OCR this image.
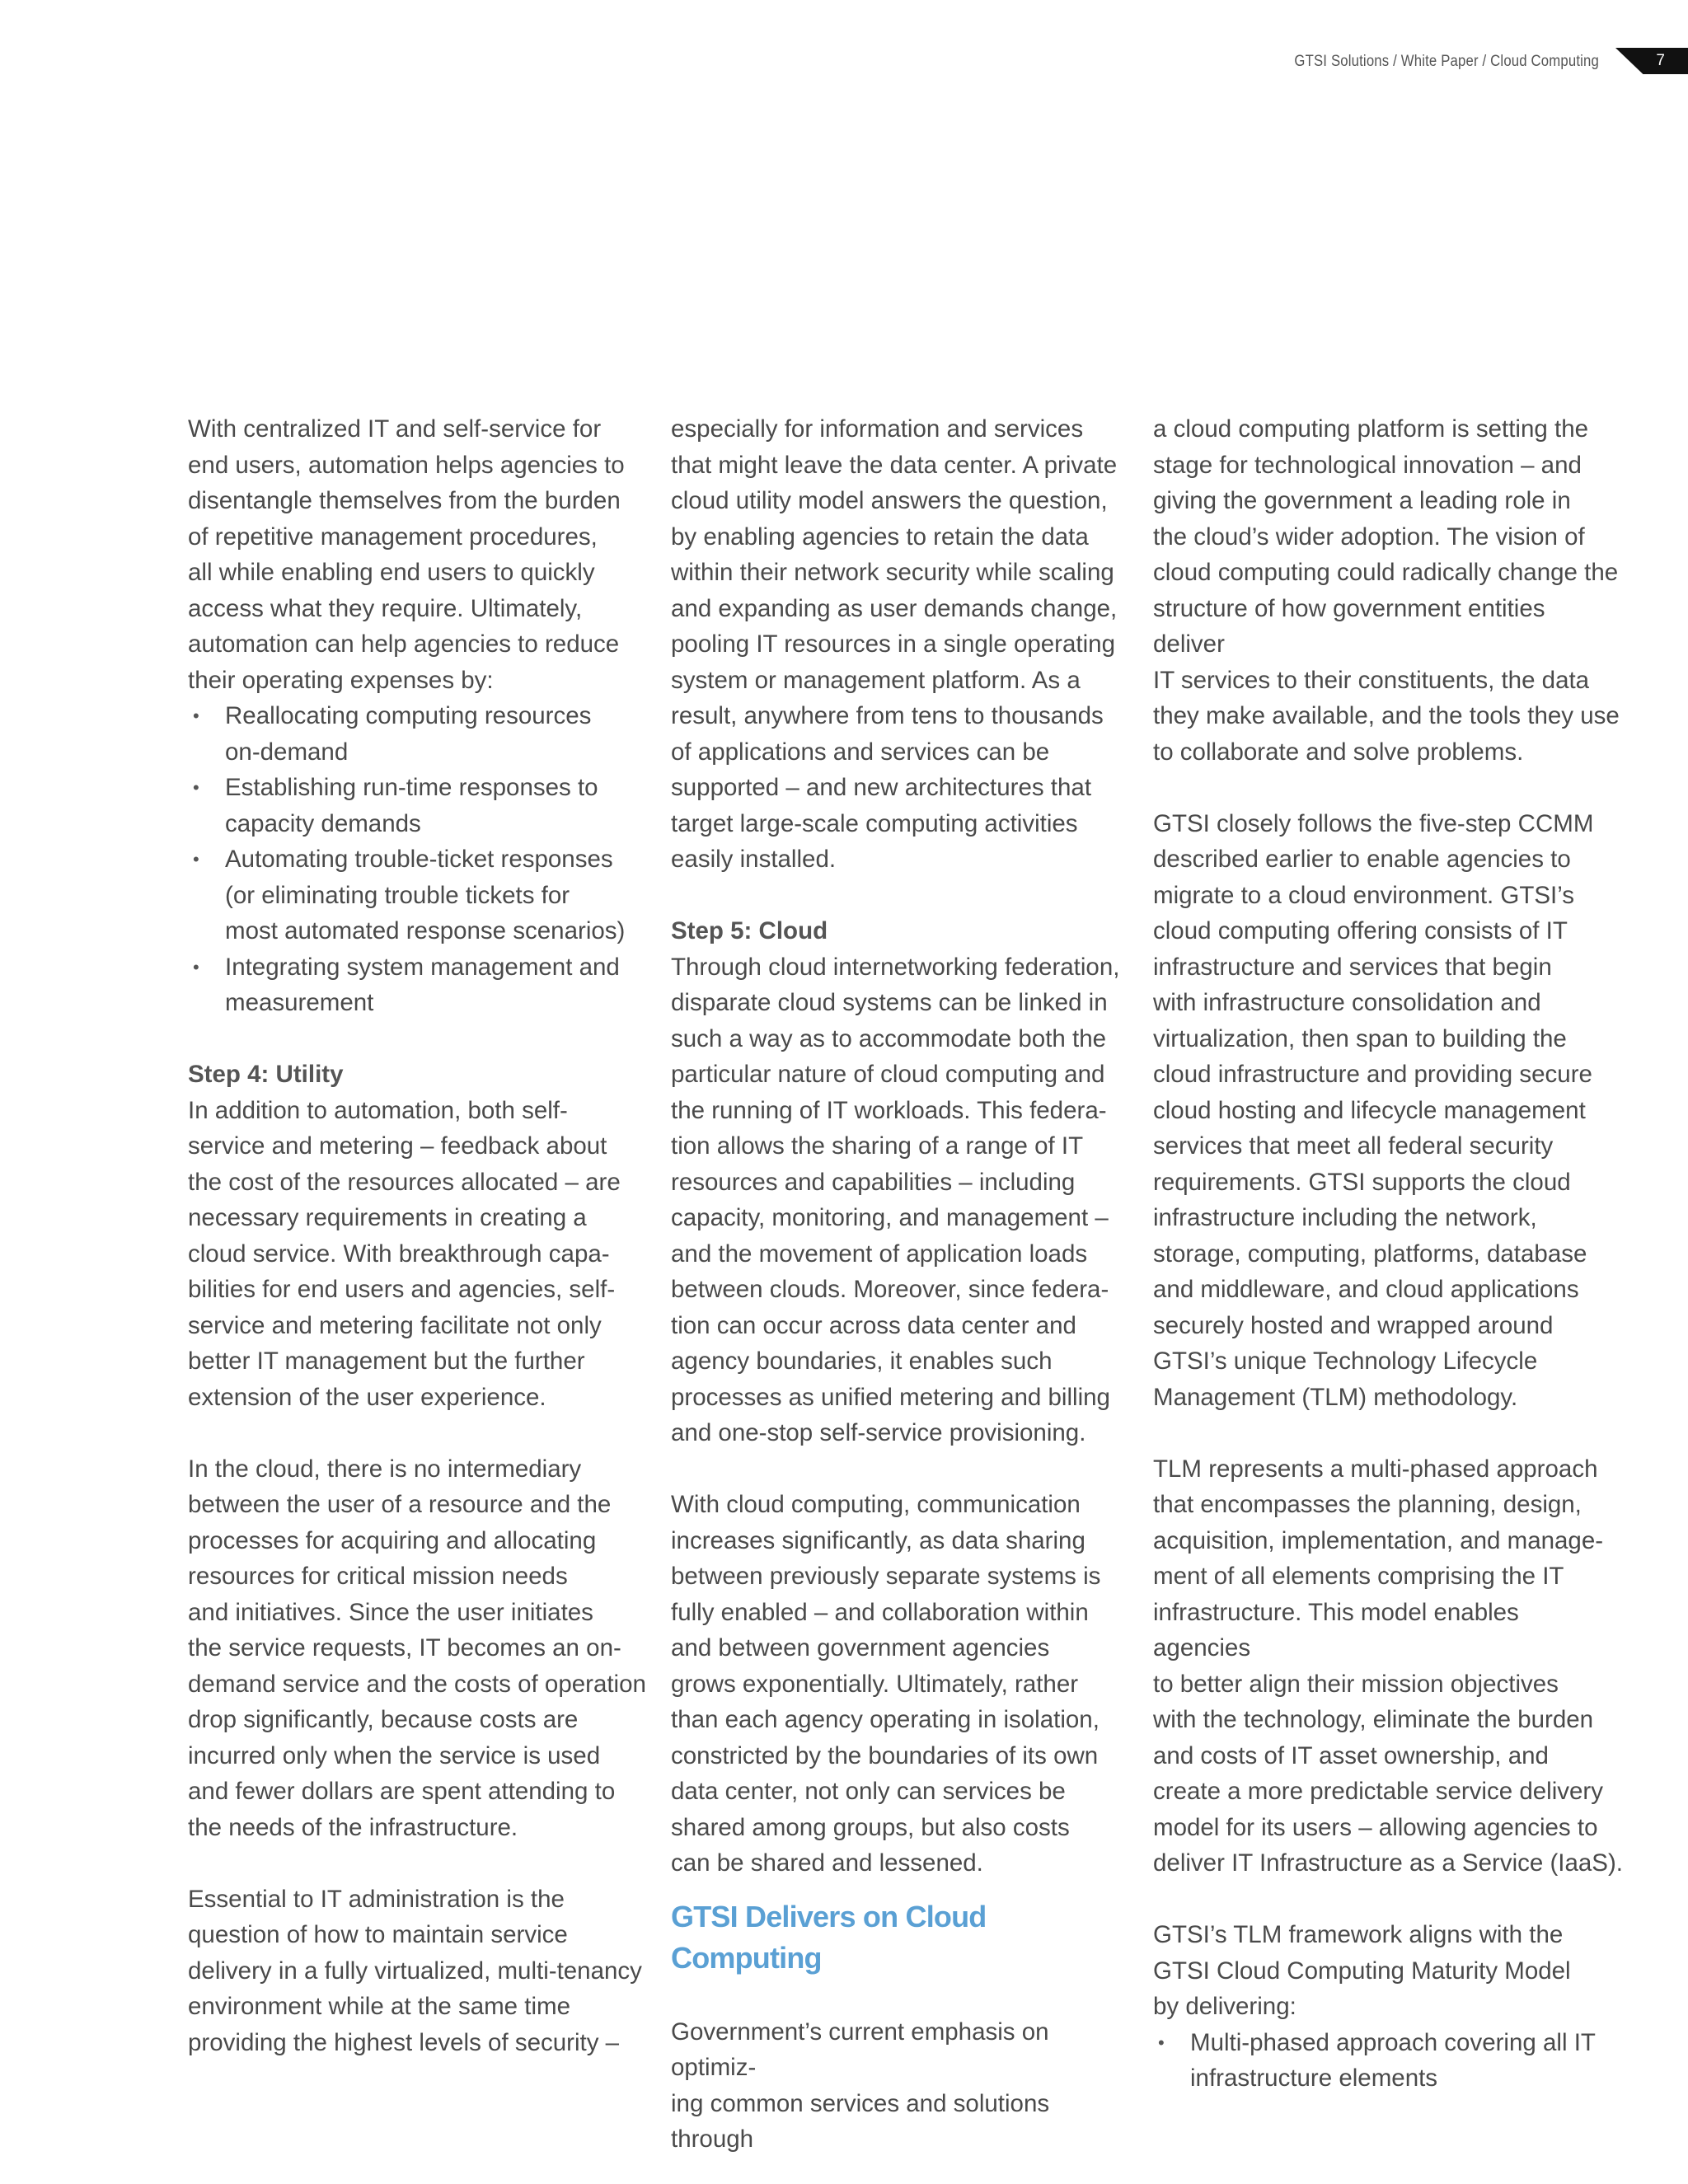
GTSI Solutions / White Paper / Cloud Computing	7

With centralized IT and self-service for
end users, automation helps agencies to
disentangle themselves from the burden
of repetitive management procedures,
all while enabling end users to quickly
access what they require. Ultimately,
automation can help agencies to reduce
their operating expenses by:

• Reallocating computing resources
on-demand
• Establishing run-time responses to
capacity demands
• Automating trouble-ticket responses
(or eliminating trouble tickets for
most automated response scenarios)
• Integrating system management and
measurement
Step 4: Utility

In addition to automation, both self-
service and metering – feedback about
the cost of the resources allocated – are
necessary requirements in creating a
cloud service. With breakthrough capa-
bilities for end users and agencies, self-
service and metering facilitate not only
better IT management but the further
extension of the user experience.

In the cloud, there is no intermediary
between the user of a resource and the
processes for acquiring and allocating
resources for critical mission needs
and initiatives. Since the user initiates
the service requests, IT becomes an on-
demand service and the costs of operation
drop significantly, because costs are
incurred only when the service is used
and fewer dollars are spent attending to
the needs of the infrastructure.

Essential to IT administration is the
question of how to maintain service
delivery in a fully virtualized, multi-tenancy
environment while at the same time
providing the highest levels of security –

especially for information and services
that might leave the data center. A private
cloud utility model answers the question,
by enabling agencies to retain the data
within their network security while scaling
and expanding as user demands change,
pooling IT resources in a single operating
system or management platform. As a
result, anywhere from tens to thousands
of applications and services can be
supported – and new architectures that
target large-scale computing activities
easily installed.

Step 5: Cloud

Through cloud internetworking federation,
disparate cloud systems can be linked in
such a way as to accommodate both the
particular nature of cloud computing and
the running of IT workloads. This federa-
tion allows the sharing of a range of IT
resources and capabilities – including
capacity, monitoring, and management –
and the movement of application loads
between clouds. Moreover, since federa-
tion can occur across data center and
agency boundaries, it enables such
processes as unified metering and billing
and one-stop self-service provisioning.

With cloud computing, communication
increases significantly, as data sharing
between previously separate systems is
fully enabled – and collaboration within
and between government agencies
grows exponentially. Ultimately, rather
than each agency operating in isolation,
constricted by the boundaries of its own
data center, not only can services be
shared among groups, but also costs
can be shared and lessened.

GTSI Delivers on Cloud Computing

Government’s current emphasis on optimiz-
ing common services and solutions through

a cloud computing platform is setting the
stage for technological innovation – and
giving the government a leading role in
the cloud’s wider adoption. The vision of
cloud computing could radically change the
structure of how government entities deliver
IT services to their constituents, the data
they make available, and the tools they use
to collaborate and solve problems.

GTSI closely follows the five-step CCMM
described earlier to enable agencies to
migrate to a cloud environment. GTSI’s
cloud computing offering consists of IT
infrastructure and services that begin
with infrastructure consolidation and
virtualization, then span to building the
cloud infrastructure and providing secure
cloud hosting and lifecycle management
services that meet all federal security
requirements. GTSI supports the cloud
infrastructure including the network,
storage, computing, platforms, database
and middleware, and cloud applications
securely hosted and wrapped around
GTSI’s unique Technology Lifecycle
Management (TLM) methodology.

TLM represents a multi-phased approach
that encompasses the planning, design,
acquisition, implementation, and manage-
ment of all elements comprising the IT
infrastructure. This model enables agencies
to better align their mission objectives
with the technology, eliminate the burden
and costs of IT asset ownership, and
create a more predictable service delivery
model for its users – allowing agencies to
deliver IT Infrastructure as a Service (IaaS).

GTSI’s TLM framework aligns with the
GTSI Cloud Computing Maturity Model
by delivering:

• Multi-phased approach covering all IT
infrastructure elements
